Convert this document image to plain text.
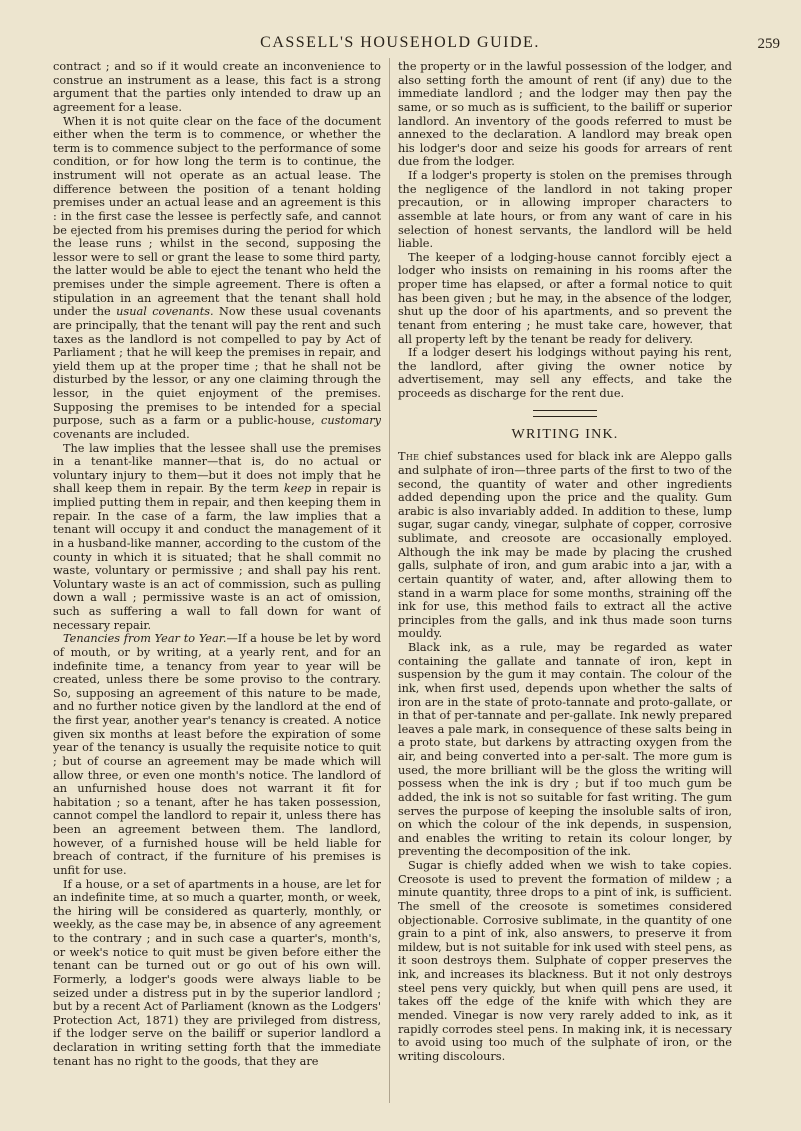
CASSELL'S HOUSEHOLD GUIDE.	259

contract ; and so if it would create an inconvenience to construe an instrument as a lease, this fact is a strong argument that the parties only intended to draw up an agreement for a lease.

When it is not quite clear on the face of the document either when the term is to commence, or whether the term is to commence subject to the performance of some condition, or for how long the term is to continue, the instrument will not operate as an actual lease. The difference between the position of a tenant holding premises under an actual lease and an agreement is this : in the first case the lessee is perfectly safe, and cannot be ejected from his premises during the period for which the lease runs ; whilst in the second, supposing the lessor were to sell or grant the lease to some third party, the latter would be able to eject the tenant who held the premises under the simple agreement. There is often a stipulation in an agreement that the tenant shall hold under the usual covenants. Now these usual covenants are principally, that the tenant will pay the rent and such taxes as the landlord is not compelled to pay by Act of Parliament ; that he will keep the premises in repair, and yield them up at the proper time ; that he shall not be disturbed by the lessor, or any one claiming through the lessor, in the quiet enjoyment of the premises. Supposing the premises to be intended for a special purpose, such as a farm or a public-house, customary covenants are included.

The law implies that the lessee shall use the premises in a tenant-like manner—that is, do no actual or voluntary injury to them—but it does not imply that he shall keep them in repair. By the term keep in repair is implied putting them in repair, and then keeping them in repair. In the case of a farm, the law implies that a tenant will occupy it and conduct the management of it in a husband-like manner, according to the custom of the county in which it is situated; that he shall commit no waste, voluntary or permissive ; and shall pay his rent. Voluntary waste is an act of commission, such as pulling down a wall ; permissive waste is an act of omission, such as suffering a wall to fall down for want of necessary repair.

Tenancies from Year to Year.—If a house be let by word of mouth, or by writing, at a yearly rent, and for an indefinite time, a tenancy from year to year will be created, unless there be some proviso to the contrary. So, supposing an agreement of this nature to be made, and no further notice given by the landlord at the end of the first year, another year's tenancy is created. A notice given six months at least before the expiration of some year of the tenancy is usually the requisite notice to quit ; but of course an agreement may be made which will allow three, or even one month's notice. The landlord of an unfurnished house does not warrant it fit for habitation ; so a tenant, after he has taken possession, cannot compel the landlord to repair it, unless there has been an agreement between them. The landlord, however, of a furnished house will be held liable for breach of contract, if the furniture of his premises is unfit for use.

If a house, or a set of apartments in a house, are let for an indefinite time, at so much a quarter, month, or week, the hiring will be considered as quarterly, monthly, or weekly, as the case may be, in absence of any agreement to the contrary ; and in such case a quarter's, month's, or week's notice to quit must be given before either the tenant can be turned out or go out of his own will. Formerly, a lodger's goods were always liable to be seized under a distress put in by the superior landlord ; but by a recent Act of Parliament (known as the Lodgers' Protection Act, 1871) they are privileged from distress, if the lodger serve on the bailiff or superior landlord a declaration in writing setting forth that the immediate tenant has no right to the goods, that they are

the property or in the lawful possession of the lodger, and also setting forth the amount of rent (if any) due to the immediate landlord ; and the lodger may then pay the same, or so much as is sufficient, to the bailiff or superior landlord. An inventory of the goods referred to must be annexed to the declaration. A landlord may break open his lodger's door and seize his goods for arrears of rent due from the lodger.

If a lodger's property is stolen on the premises through the negligence of the landlord in not taking proper precaution, or in allowing improper characters to assemble at late hours, or from any want of care in his selection of honest servants, the landlord will be held liable.

The keeper of a lodging-house cannot forcibly eject a lodger who insists on remaining in his rooms after the proper time has elapsed, or after a formal notice to quit has been given ; but he may, in the absence of the lodger, shut up the door of his apartments, and so prevent the tenant from entering ; he must take care, however, that all property left by the tenant be ready for delivery.

If a lodger desert his lodgings without paying his rent, the landlord, after giving the owner notice by advertisement, may sell any effects, and take the proceeds as discharge for the rent due.

WRITING INK.

The chief substances used for black ink are Aleppo galls and sulphate of iron—three parts of the first to two of the second, the quantity of water and other ingredients added depending upon the price and the quality. Gum arabic is also invariably added. In addition to these, lump sugar, sugar candy, vinegar, sulphate of copper, corrosive sublimate, and creosote are occasionally employed. Although the ink may be made by placing the crushed galls, sulphate of iron, and gum arabic into a jar, with a certain quantity of water, and, after allowing them to stand in a warm place for some months, straining off the ink for use, this method fails to extract all the active principles from the galls, and ink thus made soon turns mouldy.

Black ink, as a rule, may be regarded as water containing the gallate and tannate of iron, kept in suspension by the gum it may contain. The colour of the ink, when first used, depends upon whether the salts of iron are in the state of proto-tannate and proto-gallate, or in that of per-tannate and per-gallate. Ink newly prepared leaves a pale mark, in consequence of these salts being in a proto state, but darkens by attracting oxygen from the air, and being converted into a per-salt. The more gum is used, the more brilliant will be the gloss the writing will possess when the ink is dry ; but if too much gum be added, the ink is not so suitable for fast writing. The gum serves the purpose of keeping the insoluble salts of iron, on which the colour of the ink depends, in suspension, and enables the writing to retain its colour longer, by preventing the decomposition of the ink.

Sugar is chiefly added when we wish to take copies. Creosote is used to prevent the formation of mildew ; a minute quantity, three drops to a pint of ink, is sufficient. The smell of the creosote is sometimes considered objectionable. Corrosive sublimate, in the quantity of one grain to a pint of ink, also answers, to preserve it from mildew, but is not suitable for ink used with steel pens, as it soon destroys them. Sulphate of copper preserves the ink, and increases its blackness. But it not only destroys steel pens very quickly, but when quill pens are used, it takes off the edge of the knife with which they are mended. Vinegar is now very rarely added to ink, as it rapidly corrodes steel pens. In making ink, it is necessary to avoid using too much of the sulphate of iron, or the writing discolours.
